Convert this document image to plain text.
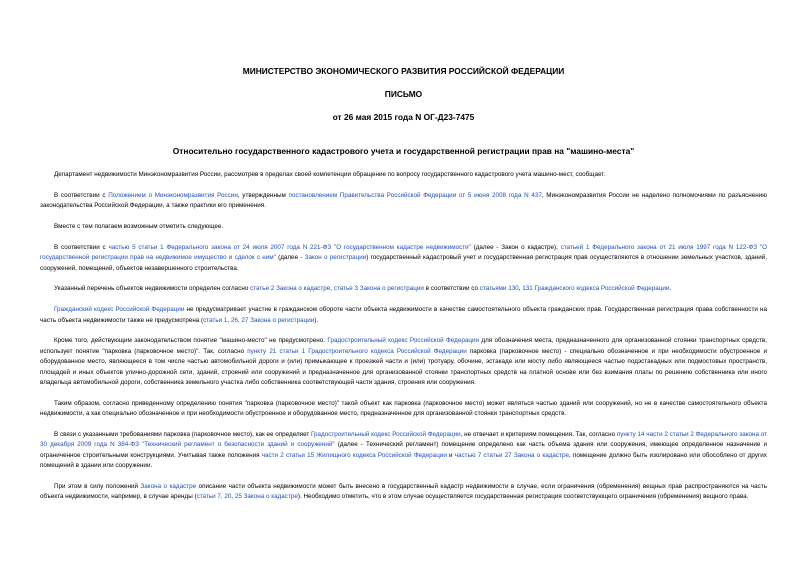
МИНИСТЕРСТВО ЭКОНОМИЧЕСКОГО РАЗВИТИЯ РОССИЙСКОЙ ФЕДЕРАЦИИ
ПИСЬМО
от 26 мая 2015 года N ОГ-Д23-7475
Относительно государственного кадастрового учета и государственной регистрации прав на "машино-места"

Департамент недвижимости Минэкономразвития России, рассмотрев в пределах своей компетенции обращение по вопросу государственного кадастрового учета машино-мест, сообщает.

В соответствии с Положением о Минэкономразвития России, утвержденным постановлением Правительства Российской Федерации от 5 июня 2008 года N 437, Минэкономразвития России не наделено полномочиями по разъяснению законодательства Российской Федерации, а также практики его применения.

Вместе с тем полагаем возможным отметить следующее.

В соответствии с частью 5 статьи 1 Федерального закона от 24 июля 2007 года N 221-ФЗ "О государственном кадастре недвижимости" (далее - Закон о кадастре), статьей 1 Федерального закона от 21 июля 1997 года N 122-ФЗ "О государственной регистрации прав на недвижимое имущество и сделок с ним" (далее - Закон о регистрации) государственный кадастровый учет и государственная регистрация прав осуществляются в отношении земельных участков, зданий, сооружений, помещений, объектов незавершенного строительства.

Указанный перечень объектов недвижимости определен согласно статье 2 Закона о кадастре, статье 3 Закона о регистрации в соответствии со статьями 130, 131 Гражданского кодекса Российской Федерации.

Гражданский кодекс Российской Федерации не предусматривает участие в гражданском обороте части объекта недвижимости в качестве самостоятельного объекта гражданских прав. Государственная регистрация права собственности на часть объекта недвижимости также не предусмотрена (статьи 1, 26, 27 Закона о регистрации).

Кроме того, действующим законодательством понятие "машино-место" не предусмотрено. Градостроительный кодекс Российской Федерации для обозначения места, предназначенного для организованной стоянки транспортных средств, использует понятие "парковка (парковочное место)". Так, согласно пункту 21 статьи 1 Градостроительного кодекса Российской Федерации парковка (парковочное место) - специально обозначенное и при необходимости обустроенное и оборудованное место, являющееся в том числе частью автомобильной дороги и (или) примыкающее к проезжей части и (или) тротуару, обочине, эстакаде или мосту либо являющееся частью подэстакадных или подмостовых пространств, площадей и иных объектов улично-дорожной сети, зданий, строений или сооружений и предназначенное для организованной стоянки транспортных средств на платной основе или без взимания платы по решению собственника или иного владельца автомобильной дороги, собственника земельного участка либо собственника соответствующей части здания, строения или сооружения.

Таким образом, согласно приведенному определению понятия "парковка (парковочное место)" такой объект как парковка (парковочное место) может являться частью зданий или сооружений, но не в качестве самостоятельного объекта недвижимости, а как специально обозначенное и при необходимости обустроенное и оборудованное место, предназначенное для организованной стоянки транспортных средств.

В связи с указанными требованиями парковка (парковочное место), как ее определяет Градостроительный кодекс Российской Федерации, не отвечает и критериям помещения. Так, согласно пункту 14 части 2 статьи 2 Федерального закона от 30 декабря 2009 года N 384-ФЗ "Технический регламент о безопасности зданий и сооружений" (далее - Технический регламент) помещение определено как часть объема здания или сооружения, имеющее определенное назначение и ограниченное строительными конструкциями. Учитывая также положения части 2 статьи 15 Жилищного кодекса Российской Федерации и частью 7 статьи 27 Закона о кадастре, помещение должно быть изолировано или обособлено от других помещений в здании или сооружении.

При этом в силу положений Закона о кадастре описание части объекта недвижимости может быть внесено в государственный кадастр недвижимости в случае, если ограничения (обременения) вещных прав распространяются на часть объекта недвижимости, например, в случае аренды (статьи 7, 20, 25 Закона о кадастре). Необходимо отметить, что в этом случае осуществляется государственная регистрация соответствующего ограничения (обременения) вещного права.
